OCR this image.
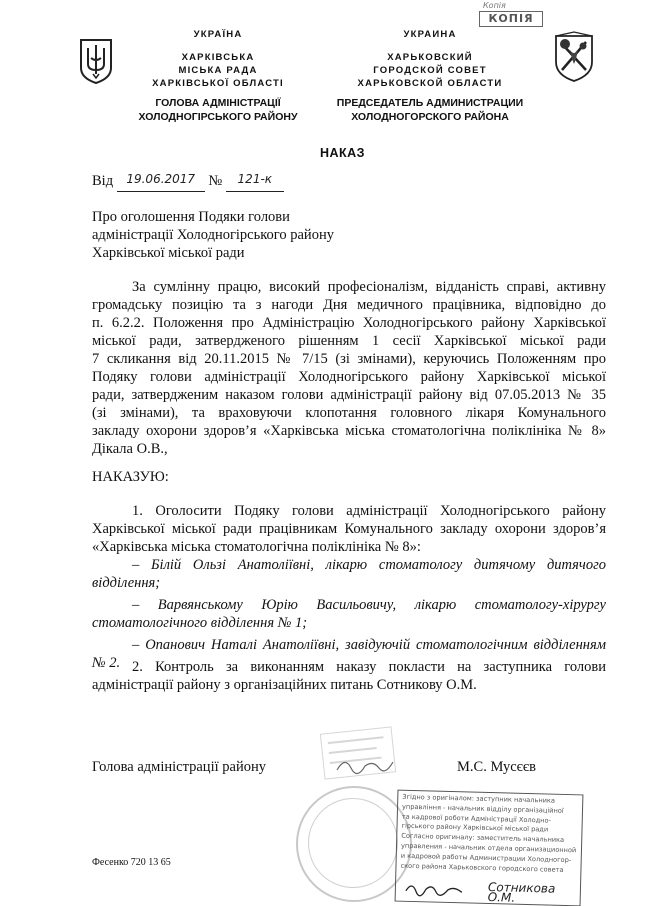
Копія
КОПІЯ
УКРАЇНА
ХАРКІВСЬКА
МІСЬКА РАДА
ХАРКІВСЬКОЇ ОБЛАСТІ
ГОЛОВА АДМІНІСТРАЦІЇ
ХОЛОДНОГІРСЬКОГО РАЙОНУ
УКРАИНА
ХАРЬКОВСКИЙ
ГОРОДСКОЙ СОВЕТ
ХАРЬКОВСКОЙ ОБЛАСТИ
ПРЕДСЕДАТЕЛЬ АДМИНИСТРАЦИИ
ХОЛОДНОГОРСКОГО РАЙОНА
НАКАЗ
Від $^{19.06.2017}$ № $^{121-к}$
Про оголошення Подяки голови
адміністрації Холодногірського району
Харківської міської ради
За сумлінну працю, високий професіоналізм, відданість справі, активну
громадську позицію та з нагоди Дня медичного працівника, відповідно до
п. 6.2.2. Положення про Адміністрацію Холодногірського району Харківської
міської ради, затвердженого рішенням 1 сесії Харківської міської ради
7 скликання від 20.11.2015 № 7/15 (зі змінами), керуючись Положенням про
Подяку голови адміністрації Холодногірського району Харківської міської
ради, затвердженим наказом голови адміністрації району від 07.05.2013 № 35
(зі змінами), та враховуючи клопотання головного лікаря Комунального
закладу охорони здоров’я «Харківська міська стоматологічна поліклініка № 8»
Дікала О.В.,
НАКАЗУЮ:
1. Оголосити Подяку голови адміністрації Холодногірського району
Харківської міської ради працівникам Комунального закладу охорони здоров’я
«Харківська міська стоматологічна поліклініка № 8»:
– Білій Ользі Анатоліївні, лікарю стоматологу дитячому дитячого
відділення;
– Варвянському Юрію Васильовичу, лікарю стоматологу-хірургу
стоматологічного відділення № 1;
– Опанович Наталі Анатоліївні, завідуючій стоматологічним відділенням
№ 2. 2. Контроль за виконанням наказу покласти на заступника голови
адміністрації району з організаційних питань Сотникову О.М.
Голова адміністрації району	М.С. Мусєєв
Фесенко 720 13 65
Згідно з оригіналом: заступник начальника
управління - начальник відділу організаційної
та кадрової роботи Адміністрації Холодно-
гірського району Харківської міської ради
Согласно оригиналу: заместитель начальника
управления - начальник отдела организационной
и кадровой работы Администрации Холодногор-
ского района Харьковского городского совета
Сотникова О.М.
